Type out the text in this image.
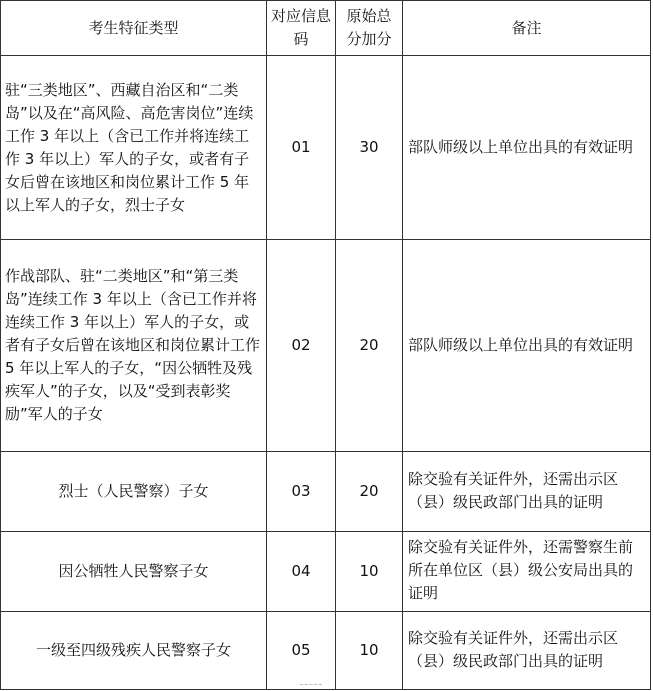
考生特征类型	对应信息码	原始总分加分	备注
驻“三类地区”、西藏自治区和“二类岛”以及在“高风险、高危害岗位”连续工作 3 年以上（含已工作并将连续工作 3 年以上）军人的子女，或者有子女后曾在该地区和岗位累计工作 5 年以上军人的子女，烈士子女	01	30	部队师级以上单位出具的有效证明
作战部队、驻“二类地区”和“第三类岛”连续工作 3 年以上（含已工作并将连续工作 3 年以上）军人的子女，或者有子女后曾在该地区和岗位累计工作 5 年以上军人的子女，“因公牺牲及残疾军人”的子女，以及“受到表彰奖励”军人的子女	02	20	部队师级以上单位出具的有效证明
烈士（人民警察）子女	03	20	除交验有关证件外，还需出示区（县）级民政部门出具的证明
因公牺牲人民警察子女	04	10	除交验有关证件外，还需警察生前所在单位区（县）级公安局出具的证明
一级至四级残疾人民警察子女	05	10	除交验有关证件外，还需出示区（县）级民政部门出具的证明
